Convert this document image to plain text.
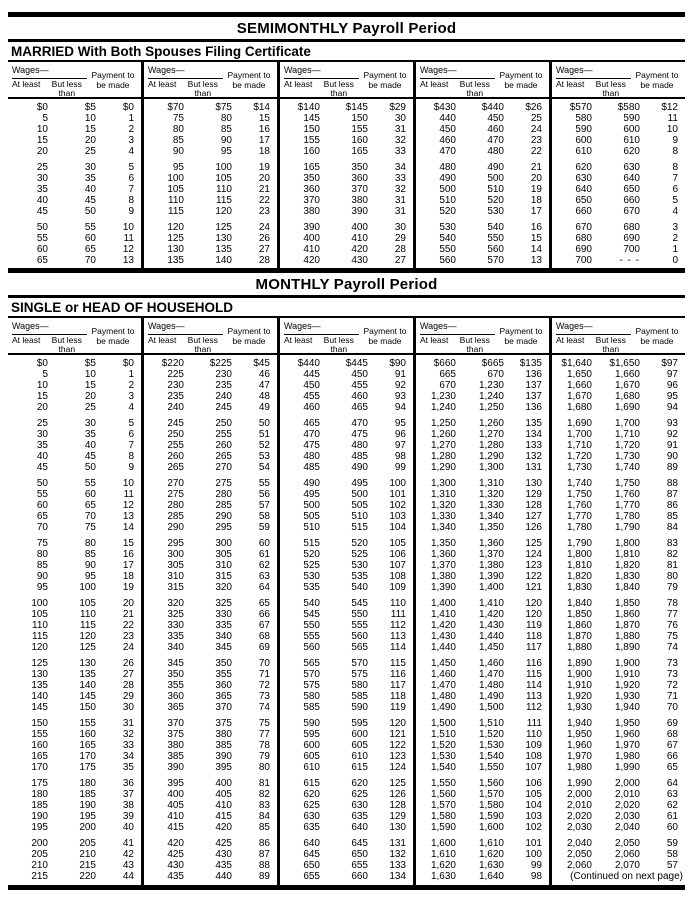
SEMIMONTHLY Payroll Period
MARRIED With Both Spouses Filing Certificate
Wages—
At least	But less than
Payment to be made
$0	$5	$0
5	10	1
10	15	2
15	20	3
20	25	4
25	30	5
30	35	6
35	40	7
40	45	8
45	50	9
50	55	10
55	60	11
60	65	12
65	70	13
Wages—
At least	But less than
Payment to be made
$70	$75	$14
75	80	15
80	85	16
85	90	17
90	95	18
95	100	19
100	105	20
105	110	21
110	115	22
115	120	23
120	125	24
125	130	26
130	135	27
135	140	28
Wages—
At least	But less than
Payment to be made
$140	$145	$29
145	150	30
150	155	31
155	160	32
160	165	33
165	350	34
350	360	33
360	370	32
370	380	31
380	390	31
390	400	30
400	410	29
410	420	28
420	430	27
Wages—
At least	But less than
Payment to be made
$430	$440	$26
440	450	25
450	460	24
460	470	23
470	480	22
480	490	21
490	500	20
500	510	19
510	520	18
520	530	17
530	540	16
540	550	15
550	560	14
560	570	13
Wages—
At least	But less than
Payment to be made
$570	$580	$12
580	590	11
590	600	10
600	610	9
610	620	8
620	630	8
630	640	7
640	650	6
650	660	5
660	670	4
670	680	3
680	690	2
690	700	1
700	- - -	0
MONTHLY Payroll Period
SINGLE or HEAD OF HOUSEHOLD
Wages—
At least	But less than
Payment to be made
$0	$5	$0
5	10	1
10	15	2
15	20	3
20	25	4
25	30	5
30	35	6
35	40	7
40	45	8
45	50	9
50	55	10
55	60	11
60	65	12
65	70	13
70	75	14
75	80	15
80	85	16
85	90	17
90	95	18
95	100	19
100	105	20
105	110	21
110	115	22
115	120	23
120	125	24
125	130	26
130	135	27
135	140	28
140	145	29
145	150	30
150	155	31
155	160	32
160	165	33
165	170	34
170	175	35
175	180	36
180	185	37
185	190	38
190	195	39
195	200	40
200	205	41
205	210	42
210	215	43
215	220	44
Wages—
At least	But less than
Payment to be made
$220	$225	$45
225	230	46
230	235	47
235	240	48
240	245	49
245	250	50
250	255	51
255	260	52
260	265	53
265	270	54
270	275	55
275	280	56
280	285	57
285	290	58
290	295	59
295	300	60
300	305	61
305	310	62
310	315	63
315	320	64
320	325	65
325	330	66
330	335	67
335	340	68
340	345	69
345	350	70
350	355	71
355	360	72
360	365	73
365	370	74
370	375	75
375	380	77
380	385	78
385	390	79
390	395	80
395	400	81
400	405	82
405	410	83
410	415	84
415	420	85
420	425	86
425	430	87
430	435	88
435	440	89
Wages—
At least	But less than
Payment to be made
$440	$445	$90
445	450	91
450	455	92
455	460	93
460	465	94
465	470	95
470	475	96
475	480	97
480	485	98
485	490	99
490	495	100
495	500	101
500	505	102
505	510	103
510	515	104
515	520	105
520	525	106
525	530	107
530	535	108
535	540	109
540	545	110
545	550	111
550	555	112
555	560	113
560	565	114
565	570	115
570	575	116
575	580	117
580	585	118
585	590	119
590	595	120
595	600	121
600	605	122
605	610	123
610	615	124
615	620	125
620	625	126
625	630	128
630	635	129
635	640	130
640	645	131
645	650	132
650	655	133
655	660	134
Wages—
At least	But less than
Payment to be made
$660	$665	$135
665	670	136
670	1,230	137
1,230	1,240	137
1,240	1,250	136
1,250	1,260	135
1,260	1,270	134
1,270	1,280	133
1,280	1,290	132
1,290	1,300	131
1,300	1,310	130
1,310	1,320	129
1,320	1,330	128
1,330	1,340	127
1,340	1,350	126
1,350	1,360	125
1,360	1,370	124
1,370	1,380	123
1,380	1,390	122
1,390	1,400	121
1,400	1,410	120
1,410	1,420	120
1,420	1,430	119
1,430	1,440	118
1,440	1,450	117
1,450	1,460	116
1,460	1,470	115
1,470	1,480	114
1,480	1,490	113
1,490	1,500	112
1,500	1,510	111
1,510	1,520	110
1,520	1,530	109
1,530	1,540	108
1,540	1,550	107
1,550	1,560	106
1,560	1,570	105
1,570	1,580	104
1,580	1,590	103
1,590	1,600	102
1,600	1,610	101
1,610	1,620	100
1,620	1,630	99
1,630	1,640	98
Wages—
At least	But less than
Payment to be made
$1,640	$1,650	$97
1,650	1,660	97
1,660	1,670	96
1,670	1,680	95
1,680	1,690	94
1,690	1,700	93
1,700	1,710	92
1,710	1,720	91
1,720	1,730	90
1,730	1,740	89
1,740	1,750	88
1,750	1,760	87
1,760	1,770	86
1,770	1,780	85
1,780	1,790	84
1,790	1,800	83
1,800	1,810	82
1,810	1,820	81
1,820	1,830	80
1,830	1,840	79
1,840	1,850	78
1,850	1,860	77
1,860	1,870	76
1,870	1,880	75
1,880	1,890	74
1,890	1,900	73
1,900	1,910	73
1,910	1,920	72
1,920	1,930	71
1,930	1,940	70
1,940	1,950	69
1,950	1,960	68
1,960	1,970	67
1,970	1,980	66
1,980	1,990	65
1,990	2,000	64
2,000	2,010	63
2,010	2,020	62
2,020	2,030	61
2,030	2,040	60
2,040	2,050	59
2,050	2,060	58
2,060	2,070	57
(Continued on next page)
